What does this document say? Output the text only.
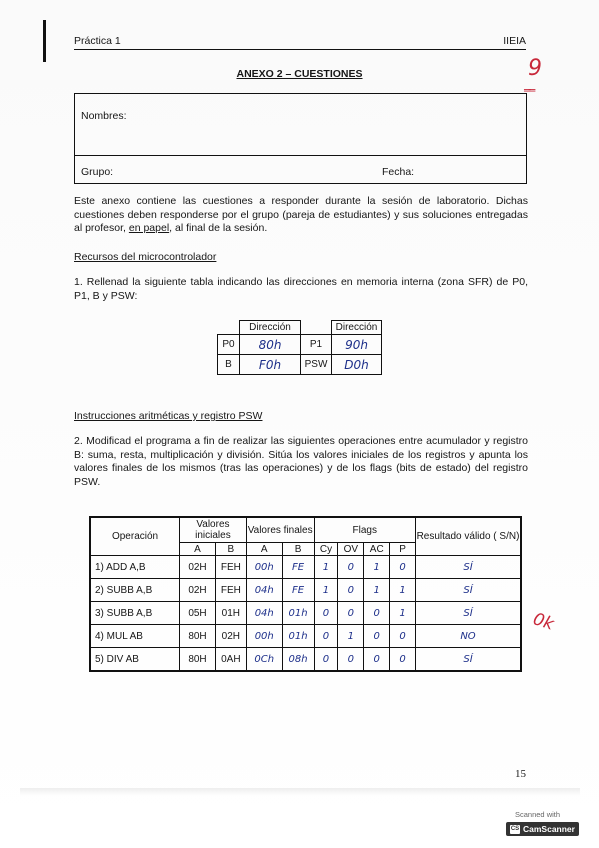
Práctica 1	IIEIA
ANEXO 2 – CUESTIONES	9
══
Nombres:
Grupo:	Fecha:
Este anexo contiene las cuestiones a responder durante la sesión de laboratorio. Dichas cuestiones deben responderse por el grupo (pareja de estudiantes) y sus soluciones entregadas al profesor, en papel, al final de la sesión.
Recursos del microcontrolador
1. Rellenad la siguiente tabla indicando las direcciones en memoria interna (zona SFR) de P0, P1, B y PSW:
	Dirección		Dirección
P0	80h	P1	90h
B	F0h	PSW	D0h
Instrucciones aritméticas y registro PSW
2. Modificad el programa a fin de realizar las siguientes operaciones entre acumulador y registro B: suma, resta, multiplicación y división. Sitúa los valores iniciales de los registros y apunta los valores finales de los mismos (tras las operaciones) y de los flags (bits de estado) del registro PSW.
Operación	Valores iniciales		Valores finales		Flags				Resultado válido ( S/N)
	A	B	A	B	Cy	OV	AC	P	
1) ADD A,B	02H	FEH	00h	FE	1	0	1	0	SÍ
2) SUBB A,B	02H	FEH	04h	FE	1	0	1	1	SÍ
3) SUBB A,B	05H	01H	04h	01h	0	0	0	1	SÍ
4) MUL AB	80H	02H	00h	01h	0	1	0	0	NO
5) DIV AB	80H	0AH	0Ch	08h	0	0	0	0	SÍ
0k
15
Scanned with
CS CamScanner
